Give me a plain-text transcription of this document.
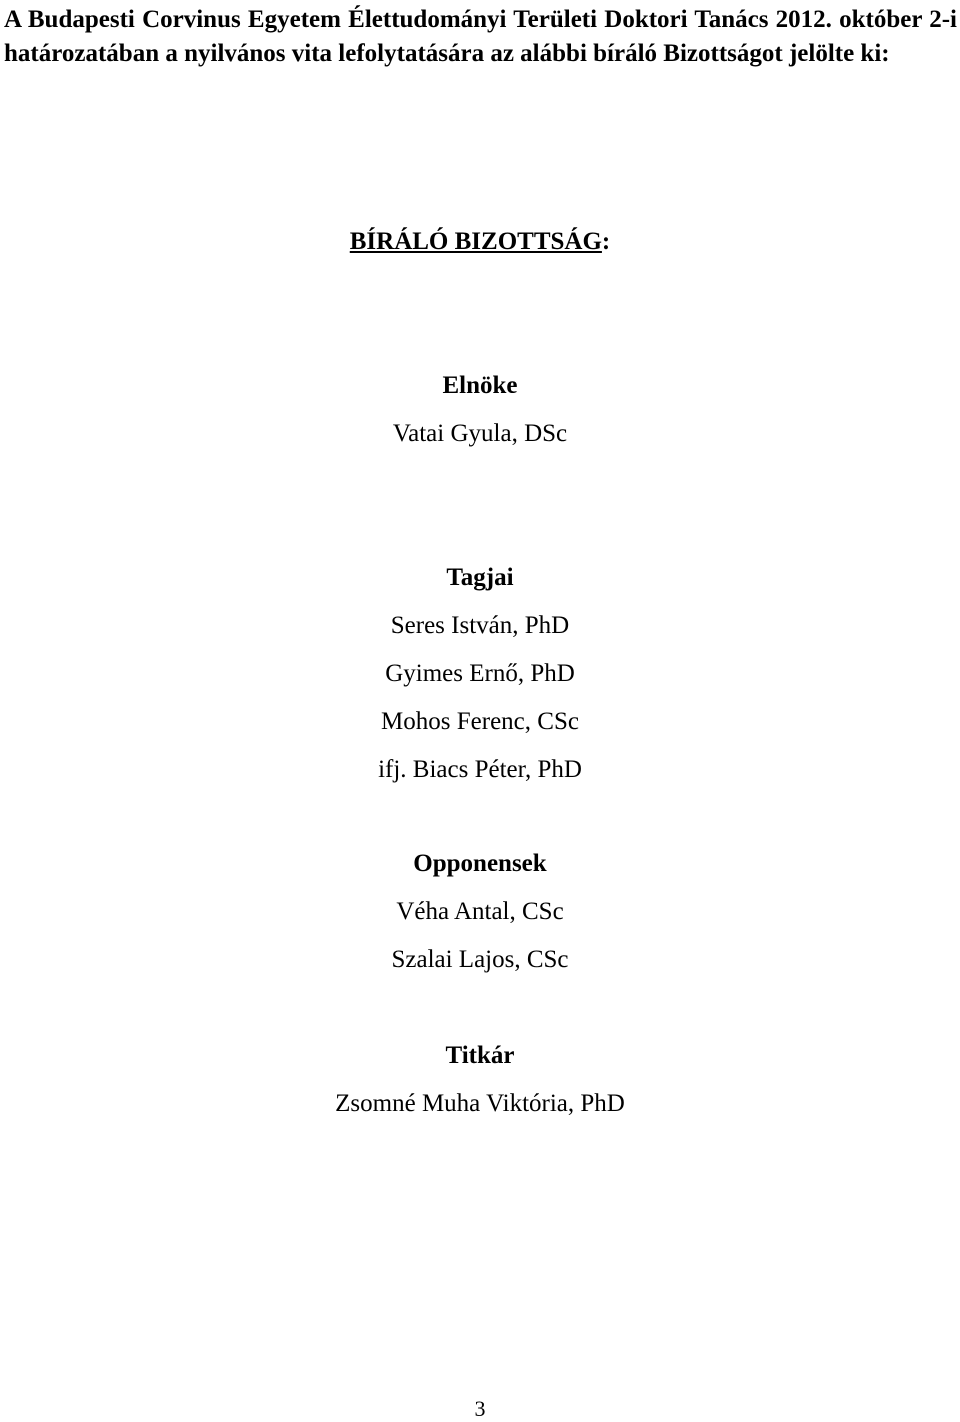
A Budapesti Corvinus Egyetem Élettudományi Területi Doktori Tanács 2012. október 2-i határozatában a nyilvános vita lefolytatására az alábbi bíráló Bizottságot jelölte ki:

BÍRÁLÓ BIZOTTSÁG:

Elnöke

Vatai Gyula, DSc

Tagjai

Seres István, PhD

Gyimes Ernő, PhD

Mohos Ferenc, CSc

ifj. Biacs Péter, PhD

Opponensek

Véha Antal, CSc

Szalai Lajos, CSc

Titkár

Zsomné Muha Viktória, PhD

3
